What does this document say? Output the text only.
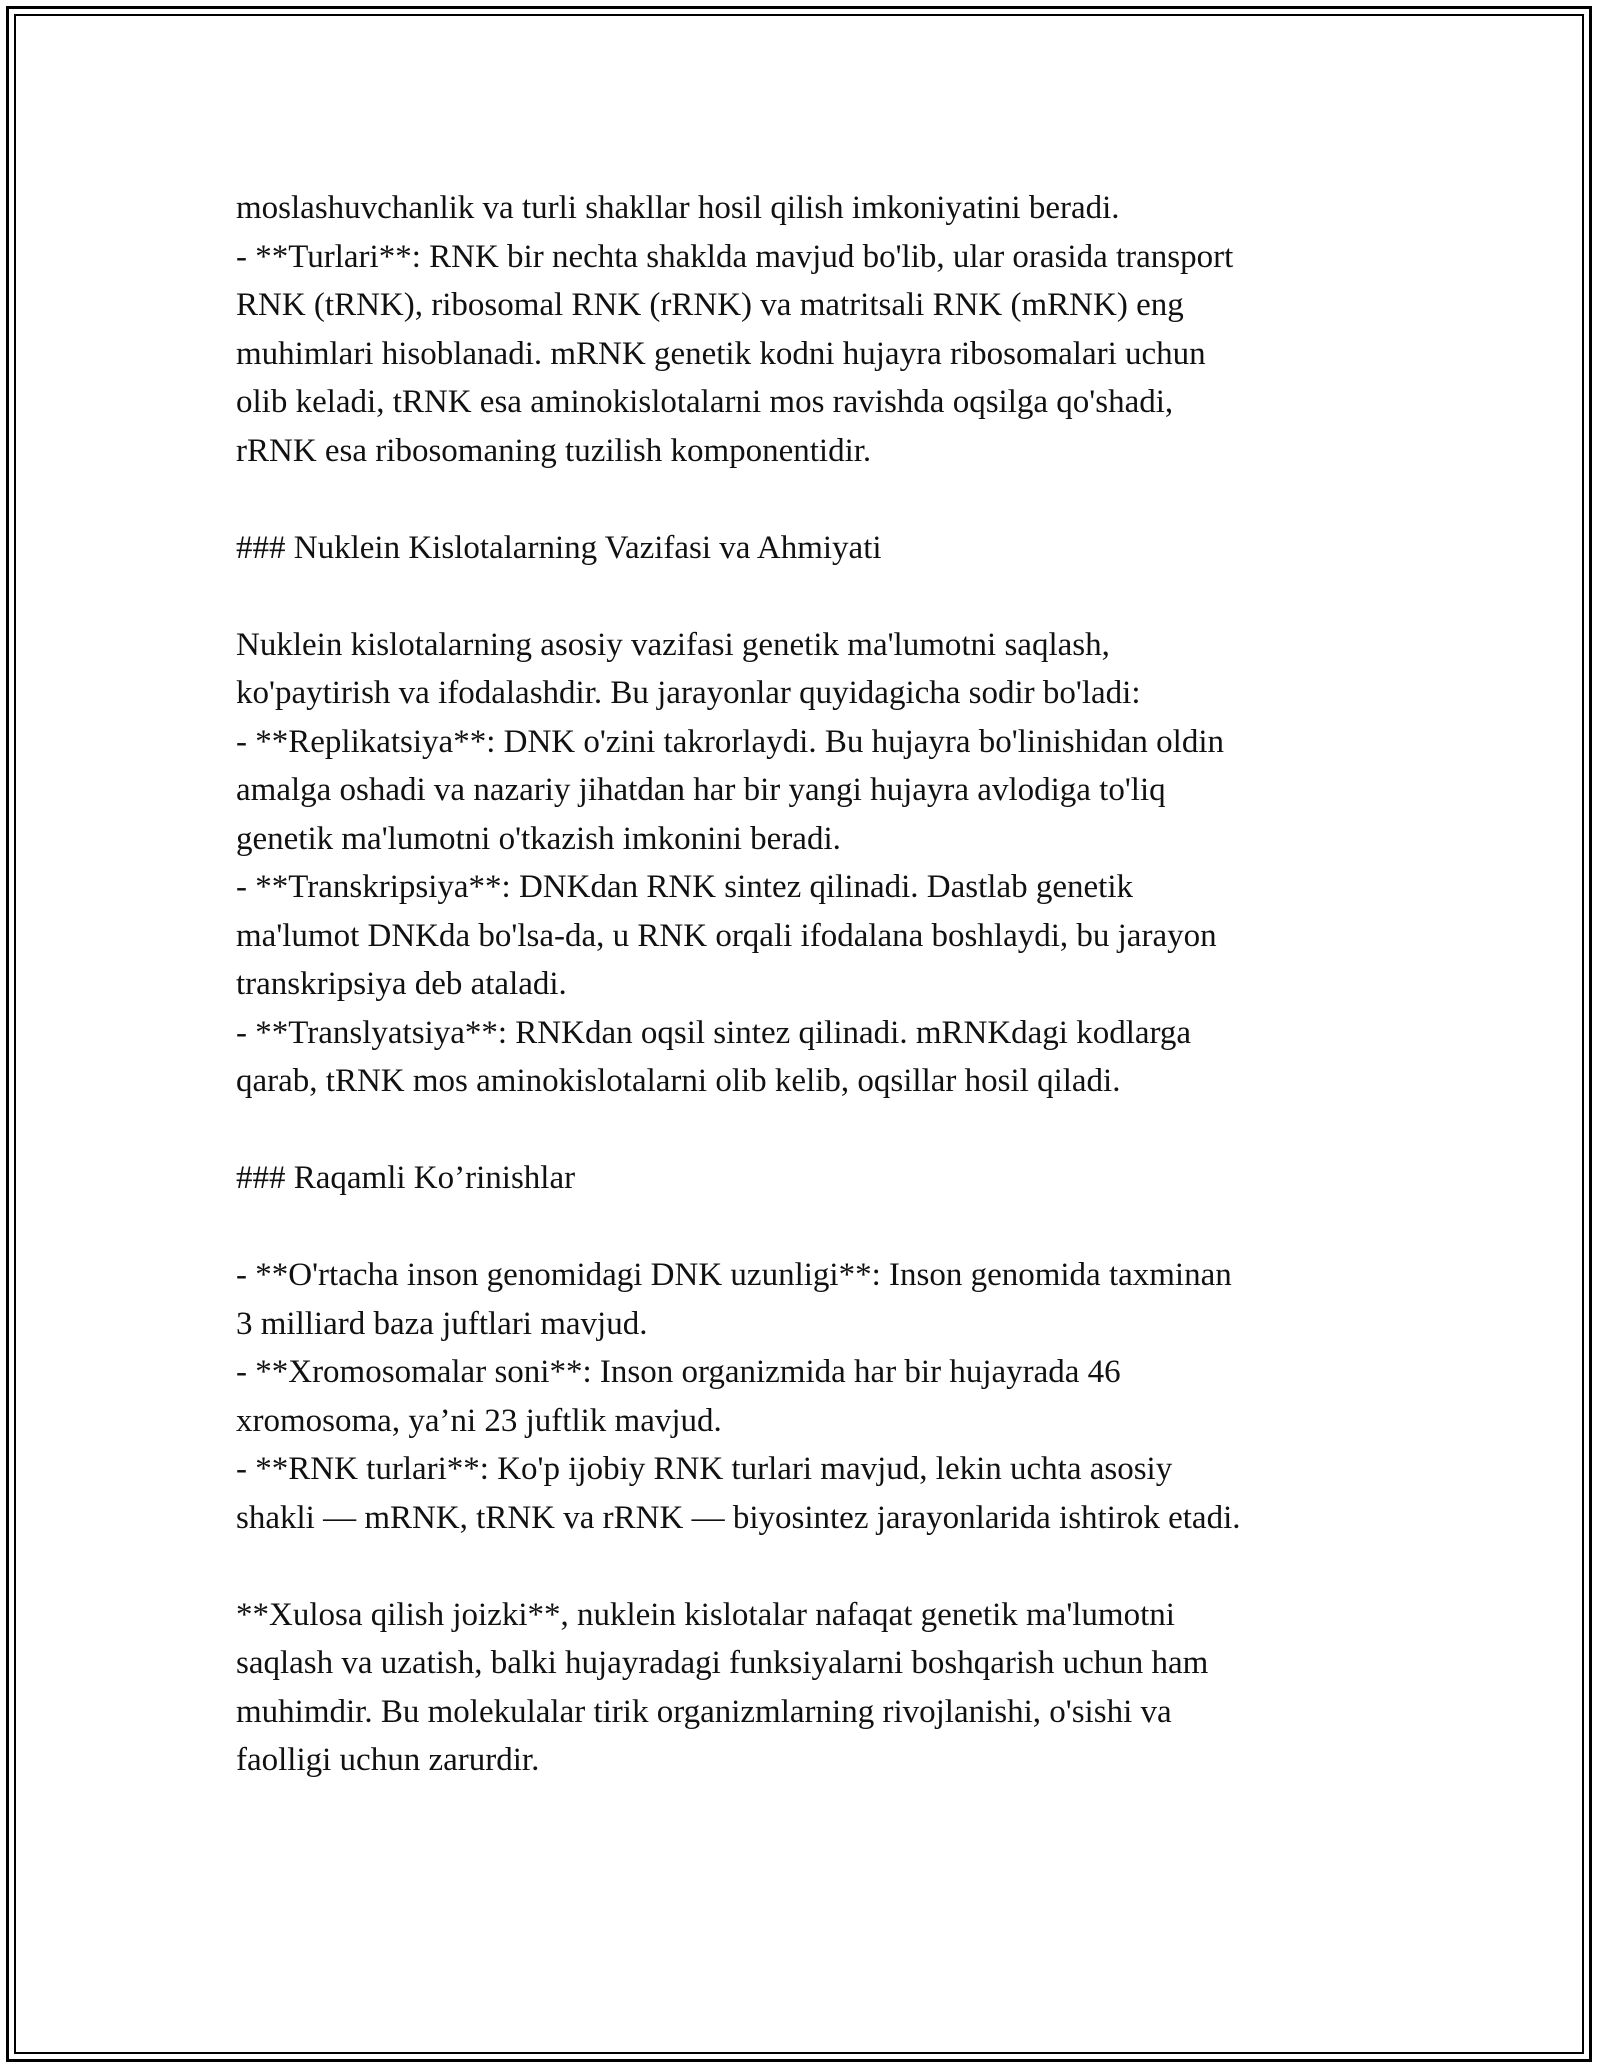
moslashuvchanlik va turli shakllar hosil qilish imkoniyatini beradi.

- **Turlari**: RNK bir nechta shaklda mavjud bo'lib, ular orasida transport

RNK (tRNK), ribosomal RNK (rRNK) va matritsali RNK (mRNK) eng

muhimlari hisoblanadi. mRNK genetik kodni hujayra ribosomalari uchun

olib keladi, tRNK esa aminokislotalarni mos ravishda oqsilga qo'shadi,

rRNK esa ribosomaning tuzilish komponentidir.

### Nuklein Kislotalarning Vazifasi va Ahmiyati

Nuklein kislotalarning asosiy vazifasi genetik ma'lumotni saqlash,

ko'paytirish va ifodalashdir. Bu jarayonlar quyidagicha sodir bo'ladi:

- **Replikatsiya**: DNK o'zini takrorlaydi. Bu hujayra bo'linishidan oldin

amalga oshadi va nazariy jihatdan har bir yangi hujayra avlodiga to'liq

genetik ma'lumotni o'tkazish imkonini beradi.

- **Transkripsiya**: DNKdan RNK sintez qilinadi. Dastlab genetik

ma'lumot DNKda bo'lsa-da, u RNK orqali ifodalana boshlaydi, bu jarayon

transkripsiya deb ataladi.

- **Translyatsiya**: RNKdan oqsil sintez qilinadi. mRNKdagi kodlarga

qarab, tRNK mos aminokislotalarni olib kelib, oqsillar hosil qiladi.

### Raqamli Ko’rinishlar

- **O'rtacha inson genomidagi DNK uzunligi**: Inson genomida taxminan

3 milliard baza juftlari mavjud.

- **Xromosomalar soni**: Inson organizmida har bir hujayrada 46

xromosoma, ya’ni 23 juftlik mavjud.

- **RNK turlari**: Ko'p ijobiy RNK turlari mavjud, lekin uchta asosiy

shakli — mRNK, tRNK va rRNK — biyosintez jarayonlarida ishtirok etadi.

**Xulosa qilish joizki**, nuklein kislotalar nafaqat genetik ma'lumotni

saqlash va uzatish, balki hujayradagi funksiyalarni boshqarish uchun ham

muhimdir. Bu molekulalar tirik organizmlarning rivojlanishi, o'sishi va

faolligi uchun zarurdir.
